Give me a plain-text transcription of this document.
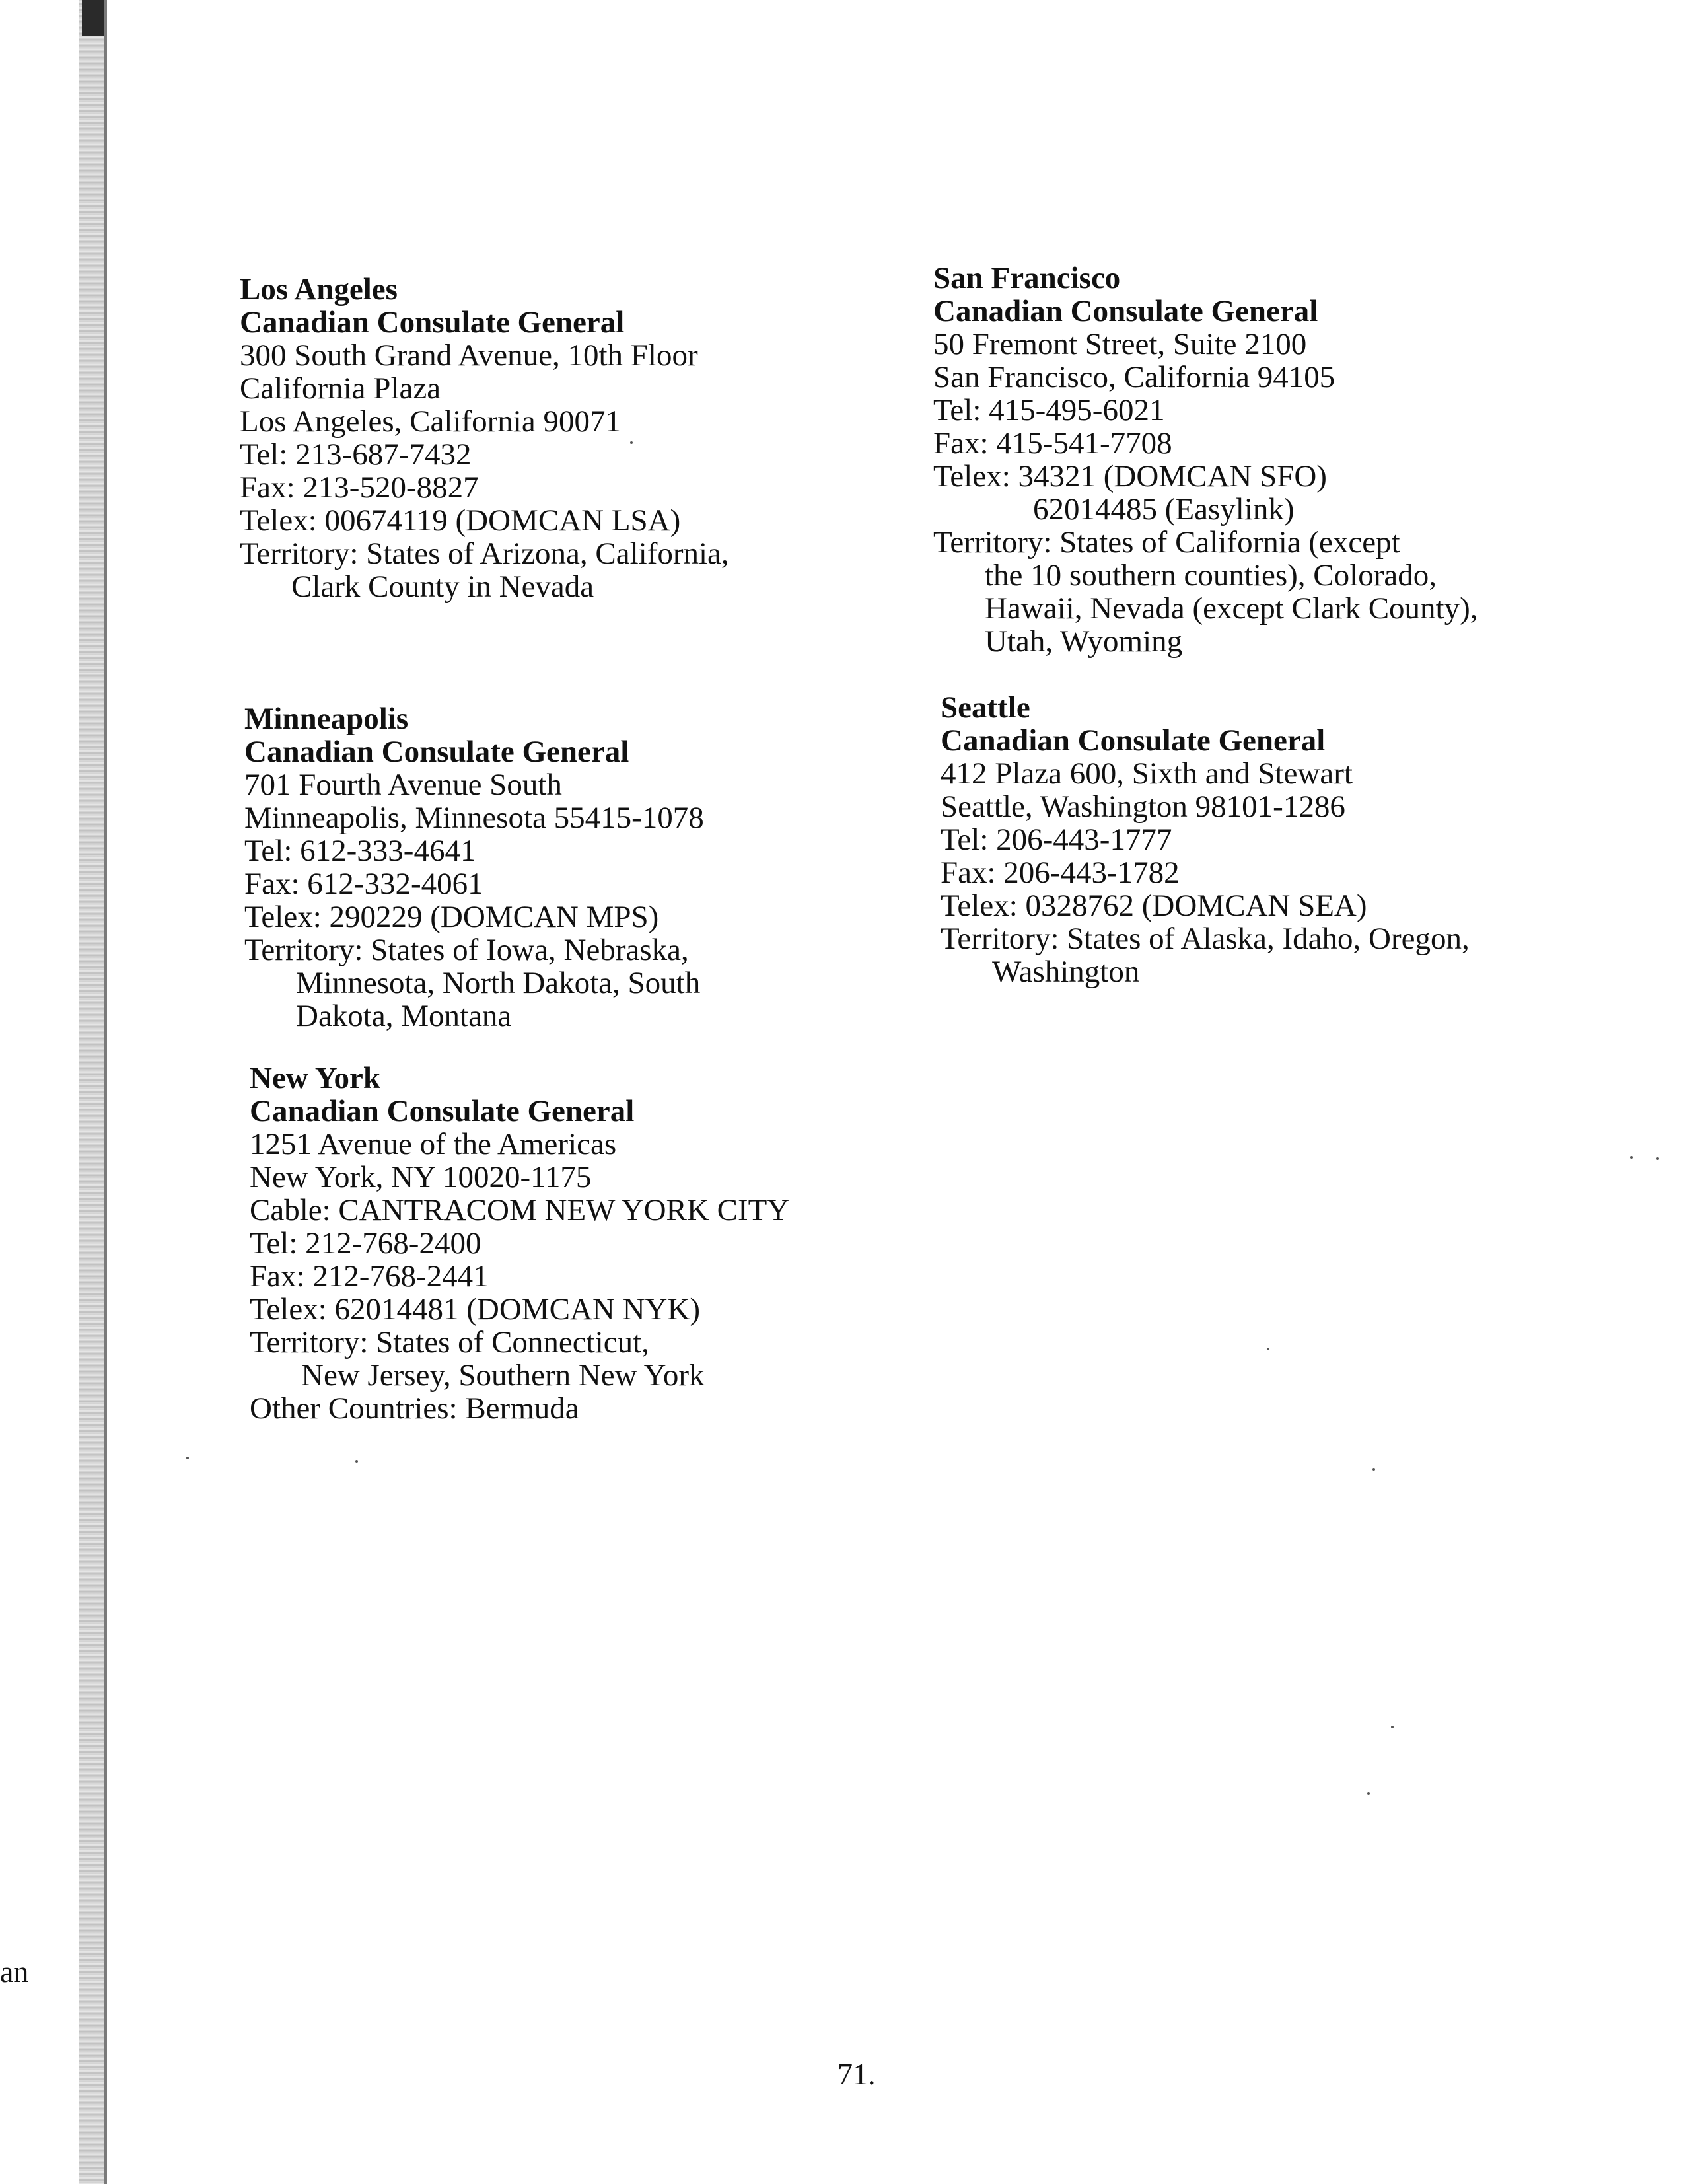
an
Los Angeles
Canadian Consulate General
300 South Grand Avenue, 10th Floor
California Plaza
Los Angeles, California 90071
Tel: 213-687-7432
Fax: 213-520-8827
Telex: 00674119 (DOMCAN LSA)
Territory: States of Arizona, California,
Clark County in Nevada
San Francisco
Canadian Consulate General
50 Fremont Street, Suite 2100
San Francisco, California 94105
Tel: 415-495-6021
Fax: 415-541-7708
Telex: 34321 (DOMCAN SFO)
62014485 (Easylink)
Territory: States of California (except
the 10 southern counties), Colorado,
Hawaii, Nevada (except Clark County),
Utah, Wyoming
Minneapolis
Canadian Consulate General
701 Fourth Avenue South
Minneapolis, Minnesota 55415-1078
Tel: 612-333-4641
Fax: 612-332-4061
Telex: 290229 (DOMCAN MPS)
Territory: States of Iowa, Nebraska,
Minnesota, North Dakota, South
Dakota, Montana
Seattle
Canadian Consulate General
412 Plaza 600, Sixth and Stewart
Seattle, Washington 98101-1286
Tel: 206-443-1777
Fax: 206-443-1782
Telex: 0328762 (DOMCAN SEA)
Territory: States of Alaska, Idaho, Oregon,
Washington
New York
Canadian Consulate General
1251 Avenue of the Americas
New York, NY 10020-1175
Cable: CANTRACOM NEW YORK CITY
Tel: 212-768-2400
Fax: 212-768-2441
Telex: 62014481 (DOMCAN NYK)
Territory: States of Connecticut,
New Jersey, Southern New York
Other Countries: Bermuda
71.
